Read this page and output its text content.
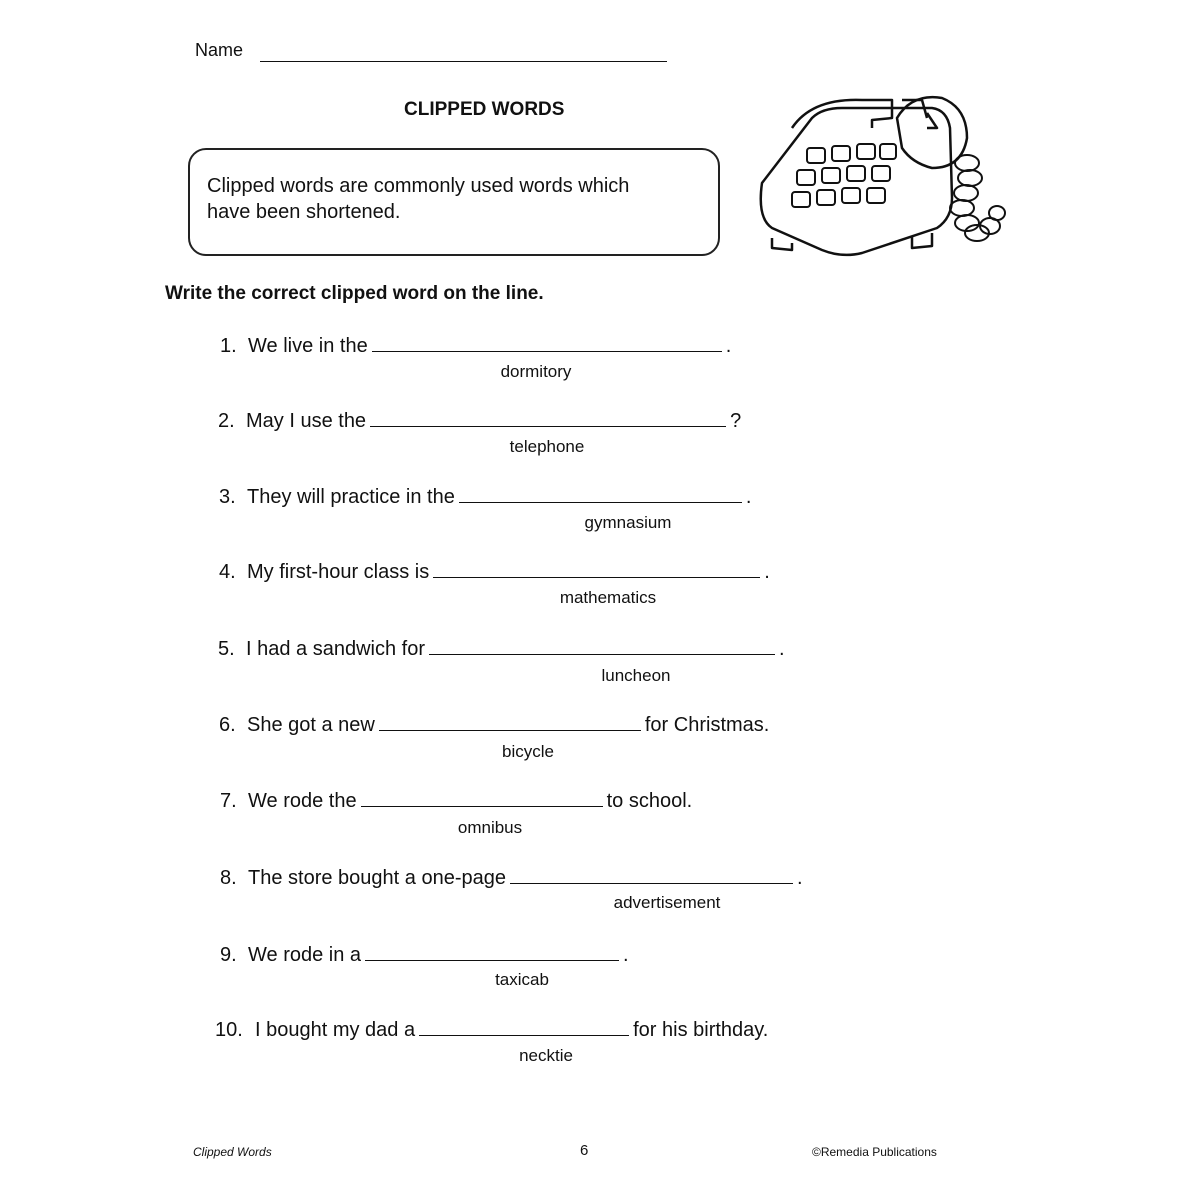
Name
CLIPPED WORDS
Clipped words are commonly used words which
have been shortened.
Write the correct clipped word on the line.
1. We live in the	.
dormitory
2. May I use the	?
telephone
3. They will practice in the	.
gymnasium
4. My first-hour class is	.
mathematics
5. I had a sandwich for	.
luncheon
6. She got a new	for Christmas.
bicycle
7. We rode the	to school.
omnibus
8. The store bought a one-page	.
advertisement
9. We rode in a	.
taxicab
10. I bought my dad a	for his birthday.
necktie
Clipped Words	6	©Remedia Publications
